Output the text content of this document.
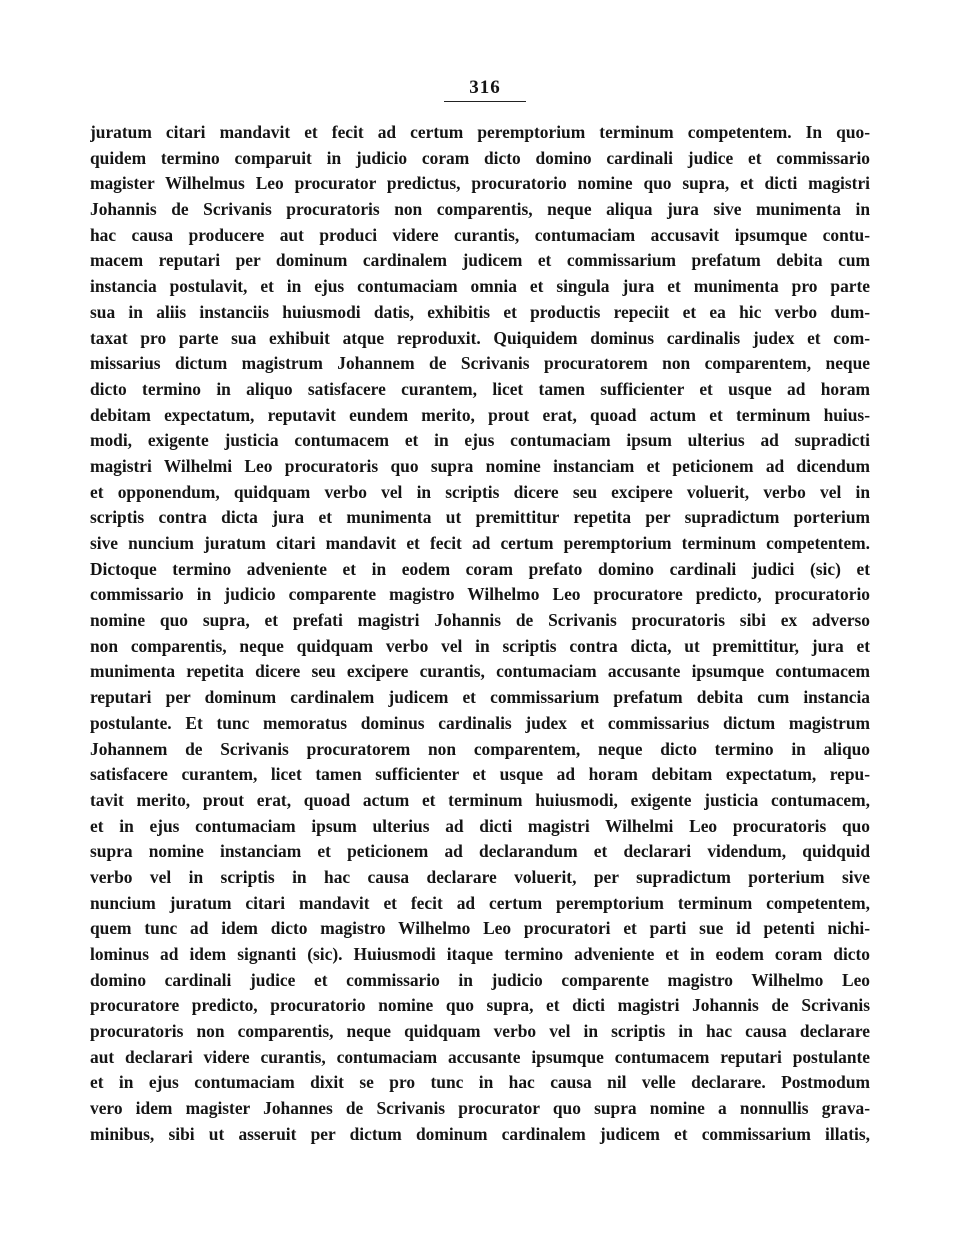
316
juratum citari mandavit et fecit ad certum peremptorium terminum competentem. In quo-
quidem termino comparuit in judicio coram dicto domino cardinali judice et commissario
magister Wilhelmus Leo procurator predictus, procuratorio nomine quo supra, et dicti magistri
Johannis de Scrivanis procuratoris non comparentis, neque aliqua jura sive munimenta in
hac causa producere aut produci videre curantis, contumaciam accusavit ipsumque contu-
macem reputari per dominum cardinalem judicem et commissarium prefatum debita cum
instancia postulavit, et in ejus contumaciam omnia et singula jura et munimenta pro parte
sua in aliis instanciis huiusmodi datis, exhibitis et productis repeciit et ea hic verbo dum-
taxat pro parte sua exhibuit atque reproduxit. Quiquidem dominus cardinalis judex et com-
missarius dictum magistrum Johannem de Scrivanis procuratorem non comparentem, neque
dicto termino in aliquo satisfacere curantem, licet tamen sufficienter et usque ad horam
debitam expectatum, reputavit eundem merito, prout erat, quoad actum et terminum huius-
modi, exigente justicia contumacem et in ejus contumaciam ipsum ulterius ad supradicti
magistri Wilhelmi Leo procuratoris quo supra nomine instanciam et peticionem ad dicendum
et opponendum, quidquam verbo vel in scriptis dicere seu excipere voluerit, verbo vel in
scriptis contra dicta jura et munimenta ut premittitur repetita per supradictum porterium
sive nuncium juratum citari mandavit et fecit ad certum peremptorium terminum competentem.
Dictoque termino adveniente et in eodem coram prefato domino cardinali judici (sic) et
commissario in judicio comparente magistro Wilhelmo Leo procuratore predicto, procuratorio
nomine quo supra, et prefati magistri Johannis de Scrivanis procuratoris sibi ex adverso
non comparentis, neque quidquam verbo vel in scriptis contra dicta, ut premittitur, jura et
munimenta repetita dicere seu excipere curantis, contumaciam accusante ipsumque contumacem
reputari per dominum cardinalem judicem et commissarium prefatum debita cum instancia
postulante. Et tunc memoratus dominus cardinalis judex et commissarius dictum magistrum
Johannem de Scrivanis procuratorem non comparentem, neque dicto termino in aliquo
satisfacere curantem, licet tamen sufficienter et usque ad horam debitam expectatum, repu-
tavit merito, prout erat, quoad actum et terminum huiusmodi, exigente justicia contumacem,
et in ejus contumaciam ipsum ulterius ad dicti magistri Wilhelmi Leo procuratoris quo
supra nomine instanciam et peticionem ad declarandum et declarari videndum, quidquid
verbo vel in scriptis in hac causa declarare voluerit, per supradictum porterium sive
nuncium juratum citari mandavit et fecit ad certum peremptorium terminum competentem,
quem tunc ad idem dicto magistro Wilhelmo Leo procuratori et parti sue id petenti nichi-
lominus ad idem signanti (sic). Huiusmodi itaque termino adveniente et in eodem coram dicto
domino cardinali judice et commissario in judicio comparente magistro Wilhelmo Leo
procuratore predicto, procuratorio nomine quo supra, et dicti magistri Johannis de Scrivanis
procuratoris non comparentis, neque quidquam verbo vel in scriptis in hac causa declarare
aut declarari videre curantis, contumaciam accusante ipsumque contumacem reputari postulante
et in ejus contumaciam dixit se pro tunc in hac causa nil velle declarare. Postmodum
vero idem magister Johannes de Scrivanis procurator quo supra nomine a nonnullis grava-
minibus, sibi ut asseruit per dictum dominum cardinalem judicem et commissarium illatis,
